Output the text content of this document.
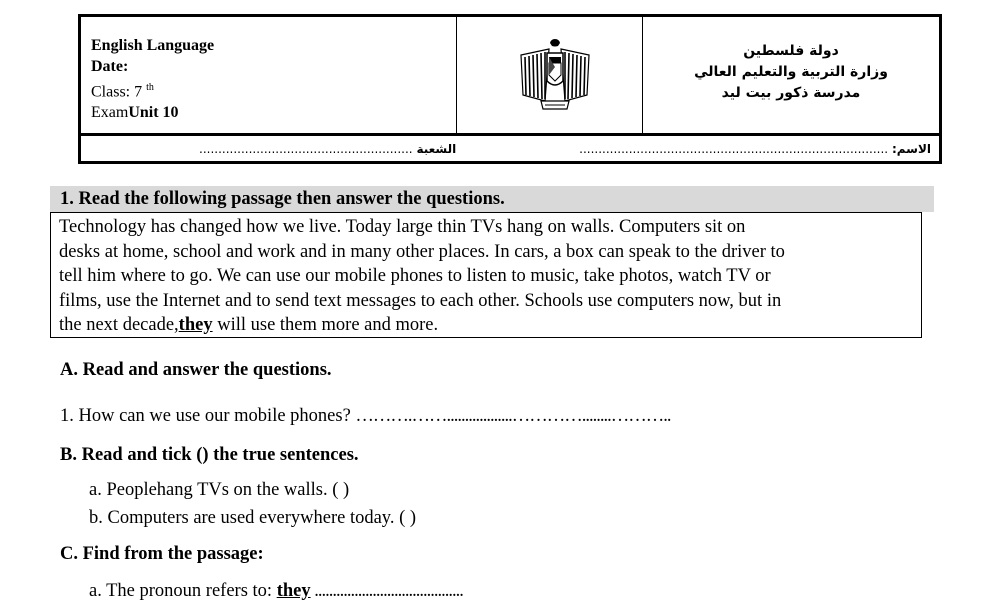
English Language
Date:
Class: 7 $^{th}$
ExamUnit 10
دولة فلسطين
وزارة التربية والتعليم العالي
مدرسة ذكور بيت ليد
الاسم: .................................................................................
الشعبة ........................................................
1. Read the following passage then answer the questions.
Technology has changed how we live. Today large thin TVs hang on walls. Computers sit on
desks at home, school and work and in many other places. In cars, a box can speak to the driver to
tell him where to go. We can use our mobile phones to listen to music, take photos, watch TV or
films, use the Internet and to send text messages to each other. Schools use computers now, but in
the next decade,they will use them more and more.
A. Read and answer the questions.
1. How can we use our mobile phones? ……….……..................…………........………..
B. Read and tick () the true sentences.
a. Peoplehang TVs on the walls. ( )
b. Computers are used everywhere today. ( )
C. Find from the passage:
a. The pronoun refers to: they .........................................
